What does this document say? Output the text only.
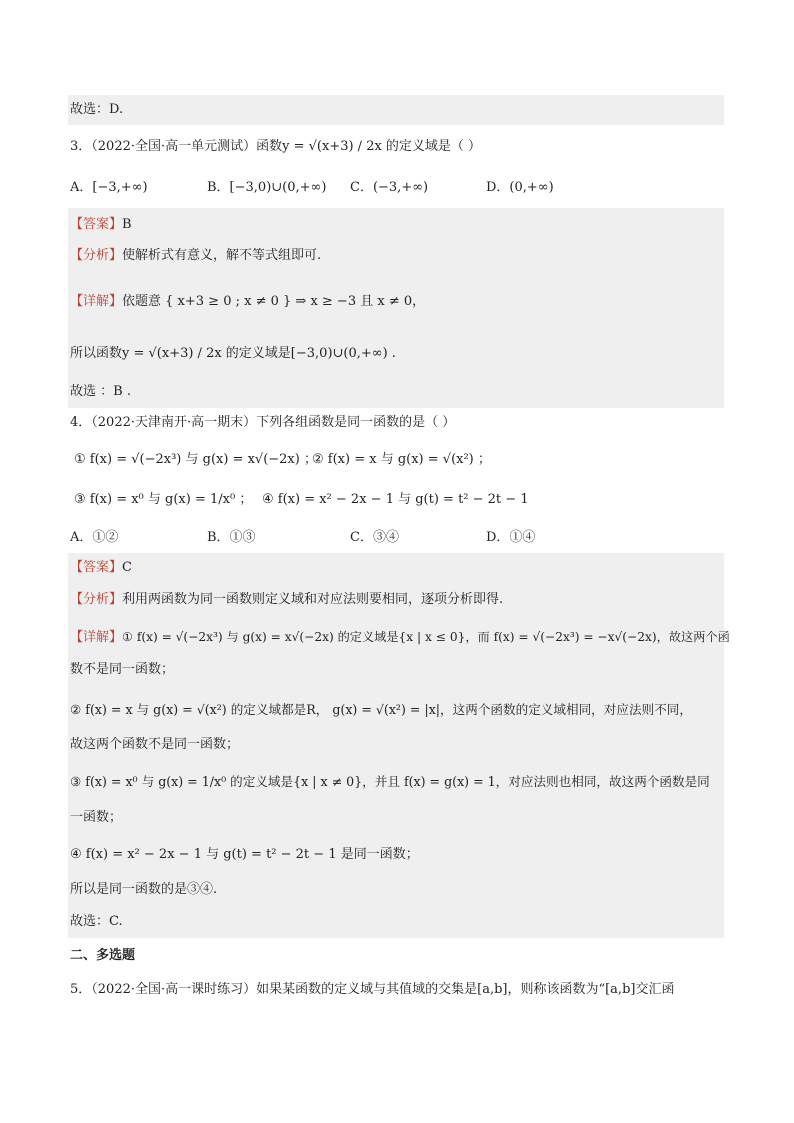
故选：D.
3．（2022·全国·高一单元测试）函数y = √(x+3) / 2x 的定义域是（ ）
A．[−3,+∞)	B．[−3,0)∪(0,+∞) C．(−3,+∞)	D．(0,+∞)
【答案】B
【分析】使解析式有意义，解不等式组即可.
【详解】依题意 { x+3 ≥ 0 ; x ≠ 0 } ⇒ x ≥ −3 且 x ≠ 0，
所以函数y = √(x+3) / 2x 的定义域是[−3,0)∪(0,+∞) .
故选 ：B .
4．（2022·天津南开·高一期末）下列各组函数是同一函数的是（ ）
① f(x) = √(−2x³) 与 g(x) = x√(−2x) ；
② f(x) = x 与 g(x) = √(x²) ；
③ f(x) = x⁰ 与 g(x) = 1/x⁰ ； ④ f(x) = x² − 2x − 1 与 g(t) = t² − 2t − 1
A．①②	B．①③	C．③④	D．①④
【答案】C
【分析】利用两函数为同一函数则定义域和对应法则要相同，逐项分析即得.
【详解】① f(x) = √(−2x³) 与 g(x) = x√(−2x) 的定义域是{x | x ≤ 0}，而 f(x) = √(−2x³) = −x√(−2x)，故这两个函
数不是同一函数；
② f(x) = x 与 g(x) = √(x²) 的定义域都是R， g(x) = √(x²) = |x|，这两个函数的定义域相同，对应法则不同，
故这两个函数不是同一函数；
③ f(x) = x⁰ 与 g(x) = 1/x⁰ 的定义域是{x | x ≠ 0}，并且 f(x) = g(x) = 1，对应法则也相同，故这两个函数是同
一函数；
④ f(x) = x² − 2x − 1 与 g(t) = t² − 2t − 1 是同一函数；
所以是同一函数的是③④.
故选：C.
二、多选题
5．（2022·全国·高一课时练习）如果某函数的定义域与其值域的交集是[a,b]，则称该函数为“[a,b]交汇函
